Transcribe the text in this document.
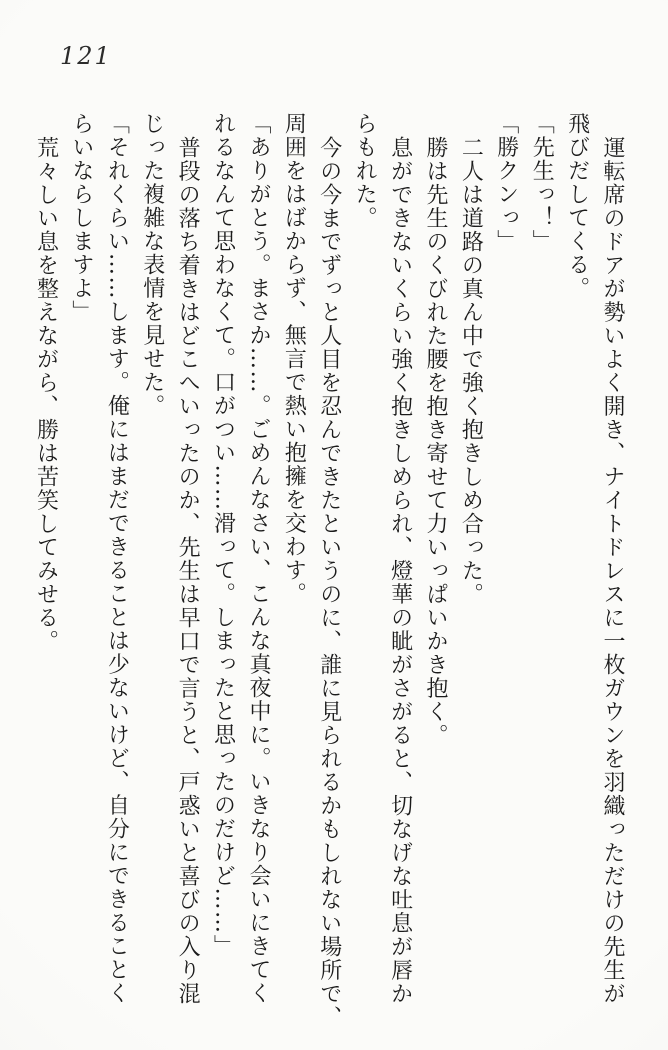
121
運転席のドアが勢いよく開き、ナイトドレスに一枚ガウンを羽織っただけの先生が
飛びだしてくる。
「先生っ！」
「勝クンっ」
二人は道路の真ん中で強く抱きしめ合った。
勝は先生のくびれた腰を抱き寄せて力いっぱいかき抱く。
息ができないくらい強く抱きしめられ、燈華の眦がさがると、切なげな吐息が唇か
らもれた。
今の今までずっと人目を忍んできたというのに、誰に見られるかもしれない場所で、
周囲をはばからず、無言で熱い抱擁を交わす。
「ありがとう。まさか……。ごめんなさい、こんな真夜中に。いきなり会いにきてく
れるなんて思わなくて。口がつい……滑って。しまったと思ったのだけど……」
普段の落ち着きはどこへいったのか、先生は早口で言うと、戸惑いと喜びの入り混
じった複雑な表情を見せた。
「それくらい……します。俺にはまだできることは少ないけど、自分にできることく
らいならしますよ」
荒々しい息を整えながら、勝は苦笑してみせる。
